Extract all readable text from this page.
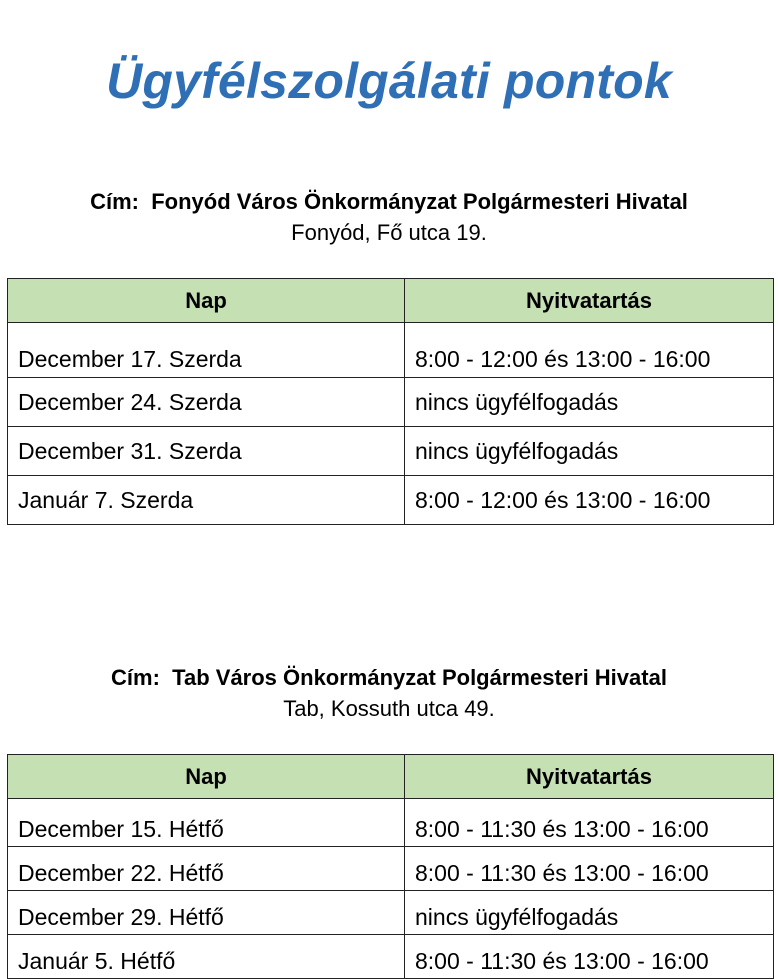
Ügyfélszolgálati pontok
Cím: Fonyód Város Önkormányzat Polgármesteri Hivatal
Fonyód, Fő utca 19.
Nap	Nyitvatartás
December 17. Szerda	8:00 - 12:00 és 13:00 - 16:00
December 24. Szerda	nincs ügyfélfogadás
December 31. Szerda	nincs ügyfélfogadás
Január 7. Szerda	8:00 - 12:00 és 13:00 - 16:00
Cím: Tab Város Önkormányzat Polgármesteri Hivatal
Tab, Kossuth utca 49.
Nap	Nyitvatartás
December 15. Hétfő	8:00 - 11:30 és 13:00 - 16:00
December 22. Hétfő	8:00 - 11:30 és 13:00 - 16:00
December 29. Hétfő	nincs ügyfélfogadás
Január 5. Hétfő	8:00 - 11:30 és 13:00 - 16:00
